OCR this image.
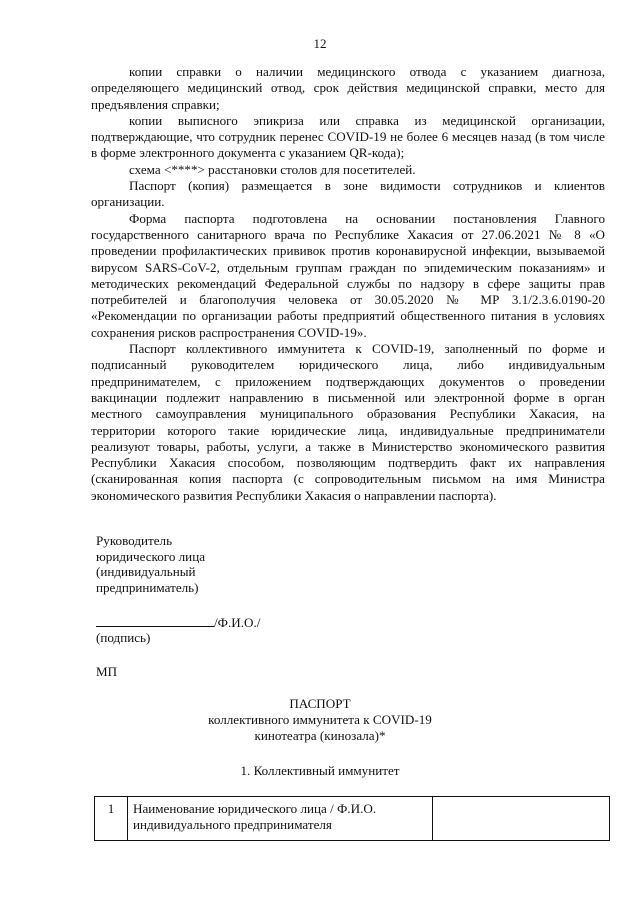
12

копии справки о наличии медицинского отвода с указанием диагноза, определяющего медицинский отвод, срок действия медицинской справки, место для предъявления справки;

копии выписного эпикриза или справка из медицинской организации, подтверждающие, что сотрудник перенес COVID-19 не более 6 месяцев назад (в том числе в форме электронного документа с указанием QR-кода);

схема <****> расстановки столов для посетителей.

Паспорт (копия) размещается в зоне видимости сотрудников и клиентов организации.

Форма паспорта подготовлена на основании постановления Главного государственного санитарного врача по Республике Хакасия от 27.06.2021 № 8 «О проведении профилактических прививок против коронавирусной инфекции, вызываемой вирусом SARS-CoV-2, отдельным группам граждан по эпидемическим показаниям» и методических рекомендаций Федеральной службы по надзору в сфере защиты прав потребителей и благополучия человека от 30.05.2020 № МР 3.1/2.3.6.0190-20 «Рекомендации по организации работы предприятий общественного питания в условиях сохранения рисков распространения COVID-19».

Паспорт коллективного иммунитета к COVID-19, заполненный по форме и подписанный руководителем юридического лица, либо индивидуальным предпринимателем, с приложением подтверждающих документов о проведении вакцинации подлежит направлению в письменной или электронной форме в орган местного самоуправления муниципального образования Республики Хакасия, на территории которого такие юридические лица, индивидуальные предприниматели реализуют товары, работы, услуги, а также в Министерство экономического развития Республики Хакасия способом, позволяющим подтвердить факт их направления (сканированная копия паспорта (с сопроводительным письмом на имя Министра экономического развития Республики Хакасия о направлении паспорта).

Руководитель
юридического лица
(индивидуальный
предприниматель)
/Ф.И.О./
(подпись)
МП
ПАСПОРТ
коллективного иммунитета к COVID-19
кинотеатра (кинозала)*
1. Коллективный иммунитет
1	Наименование юридического лица / Ф.И.О.
индивидуального предпринимателя
